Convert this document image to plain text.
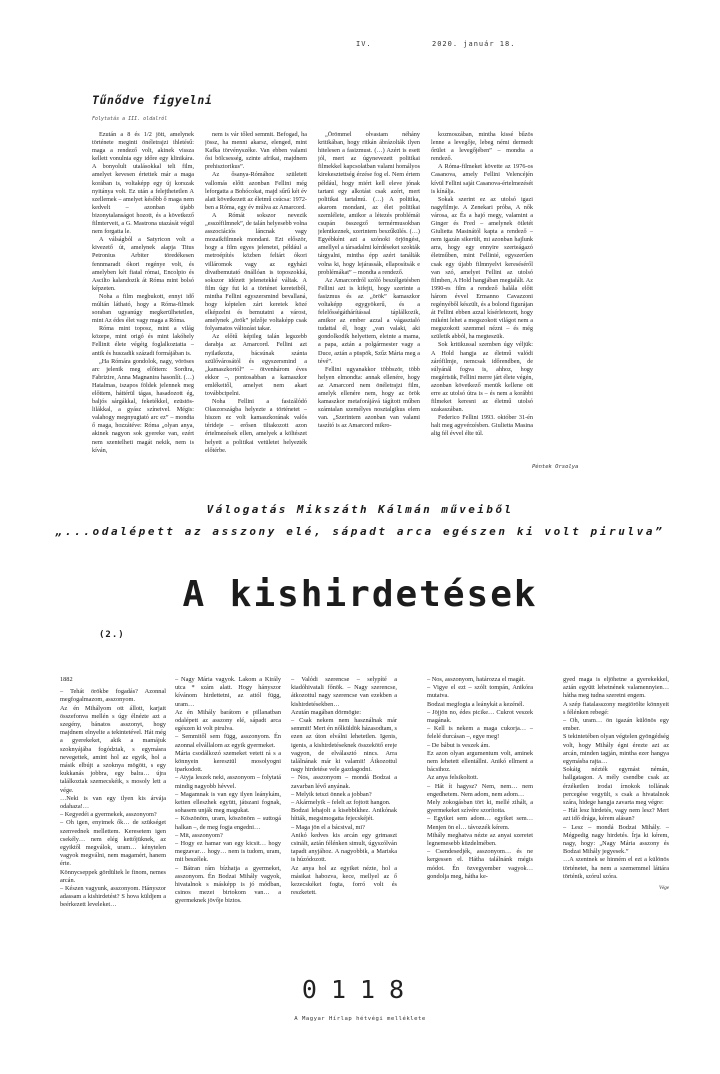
IV.	2020. január 18.
Tűnődve figyelni
Folytatás a III. oldalról

Ezután a 8 és 1/2 jött, amelynek története meginti önéletrajzi ihletésű: maga a rendező volt, akinek vissza kellett vonulnia egy időre egy klinikára. A bonyolult utalásokkal teli film, amelyet kevesen értettek már a maga korában is, voltaképp egy új korszak nyitánya volt. Ez után a felejthetetlen A szellemek – amelyet később ő maga nem kedvelt – azonban újabb bizonytalanságot hozott, és a következő filmterveit, a G. Mastrona utazását végül nem forgatta le.

A válságból a Satyricon volt a kivezető út, amelynek alapja Titus Petronius Arbiter töredékesen fennmaradt ókori regénye volt, és amelyben két fiatal római, Encolpio és Ascilto kalandozik át Róma mint bolsó képzeten.

Noha a film megbukott, ennyi idő múltán látható, hogy a Róma-filmek soraban ugyanúgy megkerülhetetlen, mint Az édes élet vagy maga a Róma.

Róma mint toposz, mint a világ közepe, mint origó és mint lakóhely Fellinit élete végéig foglalkoztatta – antik és huszadik századi formájában is.

„Ha Rómára gondolok, nagy, vöröses arc jelenik meg előttem: Sordira, Fabrizire, Anna Magnanira hasonlít. (…) Hatalmas, iszapos földek jelennek meg előttem, háttérül tágas, hasadozott ég, baljós sárgákkal, feketékkel, ezüstös-lilákkal, a gyász színeivel. Mégis: valahogy megnyugtató arc ez” – mondta ő maga, hozzátéve: Róma „olyan anya, akinek nagyon sok gyereke van, ezért nem szentelheti magát nekik, nem is kíván,

nem is vár tőled semmit. Befogad, ha jössz, ha menni akarsz, elenged, mint Kafka törvényszéke. Van ebben valami ősi bölcsesség, szinte afrikai, majdnem prehisztorikus”.

Az ősanya-Rómához született vallomás előtt azonban Fellini még leforgatta a Bohócokat, majd sűrű két év alatt következett az életmű csúcsa: 1972-ben a Róma, egy év múlva az Amarcord.

A Rómát sokszor nevezik „esszéfilmnek”, de talán helyesebb volna asszociációs láncnak vagy mozaikfilmnek mondani. Ezt először, hogy a film egyes jelenetei, például a metroépítés közben feltárt ókori villáromok vagy az egyházi divatbemutató önállóan is toposzokká, sokszor idézett jelenetekké váltak. A film úgy fut ki a történet kereteiből, mintha Fellini egyszersmind bevallaná, hogy képtelen zárt keretek közé elképzelni és bemutatni a várost, amelynek „örök” jelzője voltaképp csak folyamatos változást takar.

Az előtű képileg talán legszebb darabja az Amarcord. Fellini azt nyilatkozta, bácsúnak szánta szülővárosától és egyszersmind a „kamaszkortól” – ötvenhárom éves ekkor –, pontosabban a kamaszkor emlékeitől, amelyet nem akart továbbcipelni.

Noha Fellini a fasizálódó Olaszországba helyezte a történetet – hiszen ez volt kamaszkorának valós térideje – erősen tiltakozott azon értelmezések ellen, amelyek a költészet helyett a politikai vetületet helyezték előtérbe.

„Örömmel olvastam néhány kritikában, hogy ritkán ábrázolták ilyen hitelesen a fasizmust. (…) Azért is esett jól, mert az úgynevezett politikai filmekkel kapcsolatban valami homályos kirekesztettség érzése fog el. Nem értem például, hogy miért kell eleve jónak tartani egy alkotást csak azért, mert politikai tartalmú. (…) A politika, akarom mondani, az élet politikai szemlélete, amikor a létezés problémái csupán összegző termérmusokban jelentkeznek, szerintem beszűkülés. (…) Egyébként azt a szónoki örjöngést, amellyel a társadalmi kérdéseket szokták tárgyalni, mintha épp azért tanálták volna ki, hogy lejárassák, ellaposítsák e problémákat” – mondta a rendező.

Az Amarcordról szóló beszélgetésben Fellini azt is kifejti, hogy szerinte a fasizmus és az „örök” kamaszkor voltaképp egygyökerű, és a felelősségáthárítással táplálkozik, amikor az ember azzal a vágasztaló tudattal él, hogy „van valaki, aki gondolkodik helyettem, eleinte a mama, a papa, aztán a polgármester vagy a Duce, aztán a püspök, Szűz Mária meg a tévé”.

Fellini ugyanakkor többször, több helyen elmondta: annak ellenére, hogy az Amarcord nem önéletrajzi film, amelyk ellenére nem, hogy az örök kamaszkor metaforájává tágított műben számtalan személyes nosztalgikus elem van. „Szerintem azonban van valami taszító is az Amarcord mikro-

kozmoszában, mintha kissé bűzös lenne a levegője, lebeg némi dermedt őrület a levegőjében” – mondta a rendező.

A Róma-filmeket követte az 1976-os Casanova, amely Fellini Velencéjén kívül Fellini saját Casanova-értelmezését is kínálja.

Sokak szerint ez az utolsó igazi nagyfilmje. A Zenekari próba, A nők városa, az És a hajó megy, valamint a Ginger és Fred – amelynek ötletét Giulietta Masinától kapta a rendező – nem igazán sikerült, mi azonban hajlunk arra, hogy egy ennyire szerteágazó életműben, mint Fellinié, egyszerűen csak egy újabb filmnyelvi kereséséről van szó, amelyet Fellini az utolsó filmben, A Hold hangjában megtalált. Az 1990-es film a rendező halála előtt három évvel Ermanno Cavazzoni regényéből készült, és a bolond figurájan át Fellini ebben azzal kísérletezett, hogy miként lehet a megszokott világot nem a megszokott szemmel nézni – és még születik abból, ha megteszük.

Sok kritikussal szemben úgy véljük: A Hold hangja az életmű valódi zárófilmje, nemcsak időrendben, de súlyánál fogva is, ahhoz, hogy megértsük, Fellini merre járt élete végén, azonban következő menük kellene ott erre az utolsó útra is – és nem a korábbi filmeket keresni az életmű utolsó szakaszában.

Federico Fellini 1993. október 31-én halt meg agyvérzésben. Giulietta Masina alig fél évvel élte túl.

Péntek Orsolya
Válogatás Mikszáth Kálmán műveiből
„...odalépett az asszony elé, sápadt arca egészen ki volt pirulva”
A kishirdetések
(2.)

1882

– Tehát örökbe fogadás? Azonnal megfogalmazom, asszonyom.

Az én Mihályom ott állott, karjait összefonva mellén s úgy élnézte azt a szegény, bánatos asszonyt, hogy majdnem elnyelte a tekintetével. Hát még a gyerekeket, akik a mamájuk szoknyájába fogództak, s egymásra nevegettek, amint hol az egyik, hol a másik elbújt a szoknya mögött, s egy kukkanás jobbra, egy balra… újra találkoztak szemecskéik, s mosoly lett a vége.

…Neki is van egy ilyen kis árvája odahaza!…

– Kegyedéi a gyermekek, asszonyom?

– Oh igen, enyimek ők… de szükséget szenvednek mellettem. Keresetem igen csekély… nem elég kettőjüknek, az egyiktől megválok, uram… kénytelen vagyok megválni, nem magamért, hanem érte.

Könnycseppek gördültek le finom, nemes arcán.

– Készen vagyunk, asszonyom. Hányszor adassam a kishirdetést? S hova küldjem a beérkezett leveleket…

– Nagy Mária vagyok. Lakom a Király utca * szám alatt. Hogy hányszor kívánom hirdettetni, az attól függ, uram…

Az én Mihály barátom e pillanatban odalépett az asszony elé, sápadt arca egészen ki volt pirulva.

– Semmitől sem függ, asszonyom. Én azonnal elvállalom az egyik gyermeket.

Mária csodálkozó szemeket vetett rá s a könnyein keresztül mosolyogni iparkodott.

– Atyja leszek neki, asszonyom – folytatá mindig nagyobb hévvel.

– Magamnak is van egy ilyen leánykám, ketten elleszhek együtt, játszani fognak, sohasem unják meg magukat.

– Köszönöm, uram, köszönöm – suttogá halkan –, de meg fogja engedni…

– Mit, asszonyom?

– Hogy ez hamar van egy kicsit… hogy megzavar… hogy… nem is tudom, uram, mit beszélek.

– Bátran rám bízhatja a gyermeket, asszonyom. Én Bodzai Mihály vagyok, hivatalnok s másképp is jó módban, csinos mezei birtokom van… a gyermeknek jövője biztos.

– Valódi szerencse – selypíté a kiadóhivatali főnök. – Nagy szerencse, átkozottul nagy szerencse van ezekben a kishirdetésekben…

Azután magában dörmögte:

– Csak nekem nem használnak már semmit! Mert én nőlküldök házasodtam, s ezen az úton elválni lehetetlen. Igenis, igenis, a kishirdetéseknek összekötő ereje vagyon, de elválasztó nincs. Arra találnának már ki valamit! Átkozottul nagy hirdetése vele gazdagodni.

– Nos, asszonyom – mondá Bodzai a zavarban lévő anyának.

– Melyik tetszi önnek a jobban?

– Akármelyik – felelt az fojtott hangon.

Bodzai lehajolt a kisebbikhez. Anikónak hítták, megsimogatta fejecskéjét.

– Maga jön el a bácsival, mi?

Anikó kedves kis arcán egy grimaszt csinált, aztán félénken simult, úgyszólván tapadt anyjához. A nagyobbik, a Mariska is húzódozott.

Az anya hol az egyiket nézte, hol a másikat habozva, kece, mellyel az ő kezecskéket fogta, forró volt és reszketett.

– Nos, asszonyom, határozza el magát.

– Vigye el ezt – szólt tompán, Anikóra mutatva.

Bodzai megfogta a leánykát a kezénél.

– Jöjjön no, édes picike… Cukrot veszek magának.

– Kell is nekem a maga cukorja… – felelé durcásan –, egye meg!

– De bábut is veszek ám.

Ez azon olyan argumentum volt, aminek nem lehetett ellentállni. Anikó ellment a bácsihoz.

Az anya felsikoltott.

– Hát ít hagysz? Nem, nem… nem engedhetem. Nem adom, nem adom…

Mely zokogásban tört ki, mellé zihált, a gyermekeket szívére szorította.

– Egyiket sem adom… egyiket sem… Menjen ön el… távozzék kérem.

Mihály meghatva nézte az anyai szeretet legnemesebb küzdelmében.

– Csendesedjék, asszonyom… és ne kergessen el. Hátha találnánk mégis módot. Én özvegyember vagyok… gondolja meg, hátha ke-

gyed maga is eljöhetne a gyerekekkel, aztán együtt lehetnének valamennyien… hátha meg tudna szeretni engem.

A szép fiatalasszony megtörölte könnyeit s félénken rebegé:

– Oh, uram… ön igazán különös egy ember.

S tekintetében olyan végtelen gyöngédség volt, hogy Mihály égni érezte azt az arcán, minden tagján, mintha ezer hangya egymásba rajta…

Sokáig nézték egymást némán, hallgatagon. A mély csendbe csak az érzéketlen irodai írnokok tollának percegése vegyült, s csak a hivatalnok szára, hidege hangja zavarta meg végre:

– Hát lesz hirdetés, vagy nem lesz? Mert azt idő drága, kérem alásan?

– Lesz – mondá Bodzai Mihály. – Mégpedig nagy hirdetés. Írja ki kérem, nagy, hogy: „Nagy Mária asszony és Bodzai Mihály jegyesek.”

…A szentnek se hinném el ezt a különös történetet, ha nem a szememmel láttára történik, szórul szóra.

Vége

0118
A Magyar Hírlap hétvégi melléklete
